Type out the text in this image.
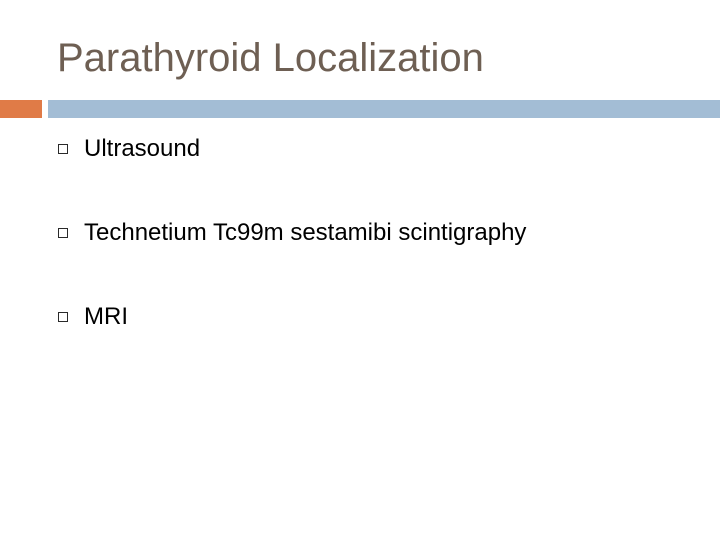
Parathyroid Localization
Ultrasound
Technetium Tc99m sestamibi scintigraphy
MRI
